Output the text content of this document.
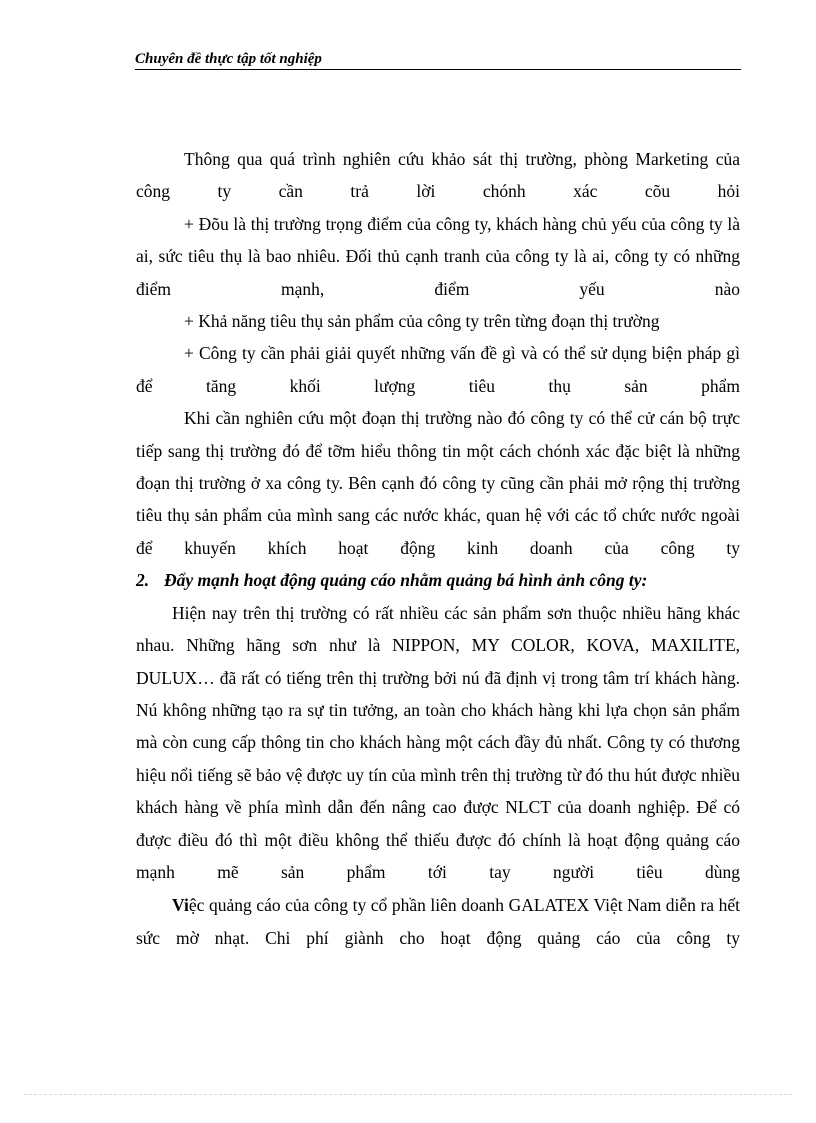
Chuyên đề thực tập tốt nghiệp

Thông qua quá trình nghiên cứu khảo sát thị trường, phòng Marketing của công ty cần trả lời chónh xác cõu hỏi

+ Đõu là thị trường trọng điểm của công ty, khách hàng chủ yếu của công ty là ai, sức tiêu thụ là bao nhiêu. Đối thủ cạnh tranh của công ty là ai, công ty có những điểm mạnh, điểm yếu nào

+ Khả năng tiêu thụ sản phẩm của công ty trên từng đoạn thị trường

+ Công ty cần phải giải quyết những vấn đề gì và có thể sử dụng biện pháp gì để tăng khối lượng tiêu thụ sản phẩm

Khi cần nghiên cứu một đoạn thị trường nào đó công ty có thể cử cán bộ trực tiếp sang thị trường đó để tỡm hiểu thông tin một cách chónh xác đặc biệt là những đoạn thị trường ở xa công ty. Bên cạnh đó công ty cũng cần phải mở rộng thị trường tiêu thụ sản phẩm của mình sang các nước khác, quan hệ với các tổ chức nước ngoài để khuyến khích hoạt động kinh doanh của công ty

2. Đẩy mạnh hoạt động quảng cáo nhằm quảng bá hình ảnh công ty:

Hiện nay trên thị trường có rất nhiều các sản phẩm sơn thuộc nhiều hãng khác nhau. Những hãng sơn như là NIPPON, MY COLOR, KOVA, MAXILITE, DULUX… đã rất có tiếng trên thị trường bởi nú đã định vị trong tâm trí khách hàng. Nú không những tạo ra sự tin tưởng, an toàn cho khách hàng khi lựa chọn sản phẩm mà còn cung cấp thông tin cho khách hàng một cách đầy đủ nhất. Công ty có thương hiệu nổi tiếng sẽ bảo vệ được uy tín của mình trên thị trường từ đó thu hút được nhiều khách hàng về phía mình dẫn đến nâng cao được NLCT của doanh nghiệp. Để có được điều đó thì một điều không thể thiếu được đó chính là hoạt động quảng cáo mạnh mẽ sản phẩm tới tay người tiêu dùng

Việc quảng cáo của công ty cổ phần liên doanh GALATEX Việt Nam diễn ra hết sức mờ nhạt. Chi phí giành cho hoạt động quảng cáo của công ty
